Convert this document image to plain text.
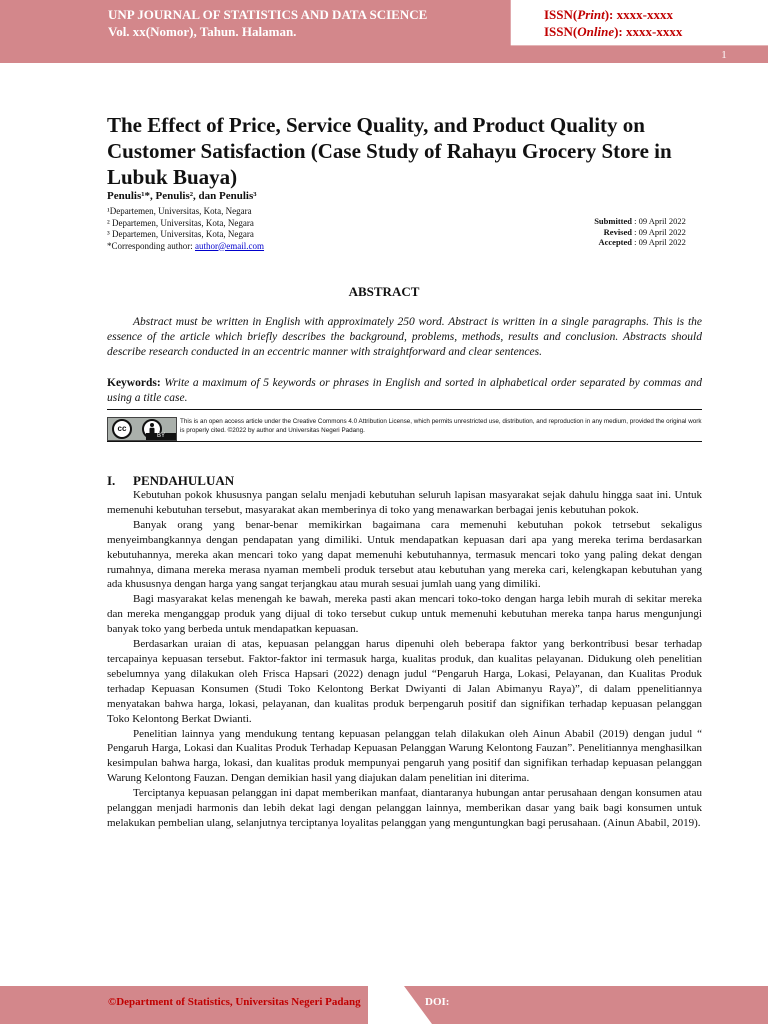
UNP JOURNAL OF STATISTICS AND DATA SCIENCE
Vol. xx(Nomor), Tahun. Halaman.
ISSN(Print): xxxx-xxxx
ISSN(Online): xxxx-xxxx
1
The Effect of Price, Service Quality, and Product Quality on Customer Satisfaction (Case Study of Rahayu Grocery Store in Lubuk Buaya)
Penulis¹*, Penulis², dan Penulis³
¹Departemen, Universitas, Kota, Negara
² Departemen, Universitas, Kota, Negara
³ Departemen, Universitas, Kota, Negara
*Corresponding author: author@email.com
Submitted : 09 April 2022
Revised : 09 April 2022
Accepted : 09 April 2022
ABSTRACT
Abstract must be written in English with approximately 250 word. Abstract is written in a single paragraphs. This is the essence of the article which briefly describes the background, problems, methods, results and conclusion. Abstracts should describe research conducted in an eccentric manner with straightforward and clear sentences.
Keywords: Write a maximum of 5 keywords or phrases in English and sorted in alphabetical order separated by commas and using a title case.
cc
BY
This is an open access article under the Creative Commons 4.0 Attribution License, which permits unrestricted use, distribution, and reproduction in any medium, provided the original work is properly cited. ©2022 by author and Universitas Negeri Padang.
I. PENDAHULUAN

Kebutuhan pokok khususnya pangan selalu menjadi kebutuhan seluruh lapisan masyarakat sejak dahulu hingga saat ini. Untuk memenuhi kebutuhan tersebut, masyarakat akan memberinya di toko yang menawarkan berbagai jenis kebutuhan pokok.

Banyak orang yang benar-benar memikirkan bagaimana cara memenuhi kebutuhan pokok tetrsebut sekaligus menyeimbangkannya dengan pendapatan yang dimiliki. Untuk mendapatkan kepuasan dari apa yang mereka terima berdasarkan kebutuhannya, mereka akan mencari toko yang dapat memenuhi kebutuhannya, termasuk mencari toko yang paling dekat dengan rumahnya, dimana mereka merasa nyaman membeli produk tersebut atau kebutuhan yang mereka cari, kelengkapan kebutuhan yang ada khususnya dengan harga yang sangat terjangkau atau murah sesuai jumlah uang yang dimiliki.

Bagi masyarakat kelas menengah ke bawah, mereka pasti akan mencari toko-toko dengan harga lebih murah di sekitar mereka dan mereka menganggap produk yang dijual di toko tersebut cukup untuk memenuhi kebutuhan mereka tanpa harus mengunjungi banyak toko yang berbeda untuk mendapatkan kepuasan.

Berdasarkan uraian di atas, kepuasan pelanggan harus dipenuhi oleh beberapa faktor yang berkontribusi besar terhadap tercapainya kepuasan tersebut. Faktor-faktor ini termasuk harga, kualitas produk, dan kualitas pelayanan. Didukung oleh penelitian sebelumnya yang dilakukan oleh Frisca Hapsari (2022) denagn judul “Pengaruh Harga, Lokasi, Pelayanan, dan Kualitas Produk terhadap Kepuasan Konsumen (Studi Toko Kelontong Berkat Dwiyanti di Jalan Abimanyu Raya)”, di dalam ppenelitiannya menyatakan bahwa harga, lokasi, pelayanan, dan kualitas produk berpengaruh positif dan signifikan terhadap kepuasan pelanggan Toko Kelontong Berkat Dwianti.

Penelitian lainnya yang mendukung tentang kepuasan pelanggan telah dilakukan oleh Ainun Ababil (2019) dengan judul “ Pengaruh Harga, Lokasi dan Kualitas Produk Terhadap Kepuasan Pelanggan Warung Kelontong Fauzan”. Penelitiannya menghasilkan kesimpulan bahwa harga, lokasi, dan kualitas produk mempunyai pengaruh yang positif dan signifikan terhadap kepuasan pelanggan Warung Kelontong Fauzan. Dengan demikian hasil yang diajukan dalam penelitian ini diterima.

Terciptanya kepuasan pelanggan ini dapat memberikan manfaat, diantaranya hubungan antar perusahaan dengan konsumen atau pelanggan menjadi harmonis dan lebih dekat lagi dengan pelanggan lainnya, memberikan dasar yang baik bagi konsumen untuk melakukan pembelian ulang, selanjutnya terciptanya loyalitas pelanggan yang menguntungkan bagi perusahaan. (Ainun Ababil, 2019).

©Department of Statistics, Universitas Negeri Padang	DOI:
